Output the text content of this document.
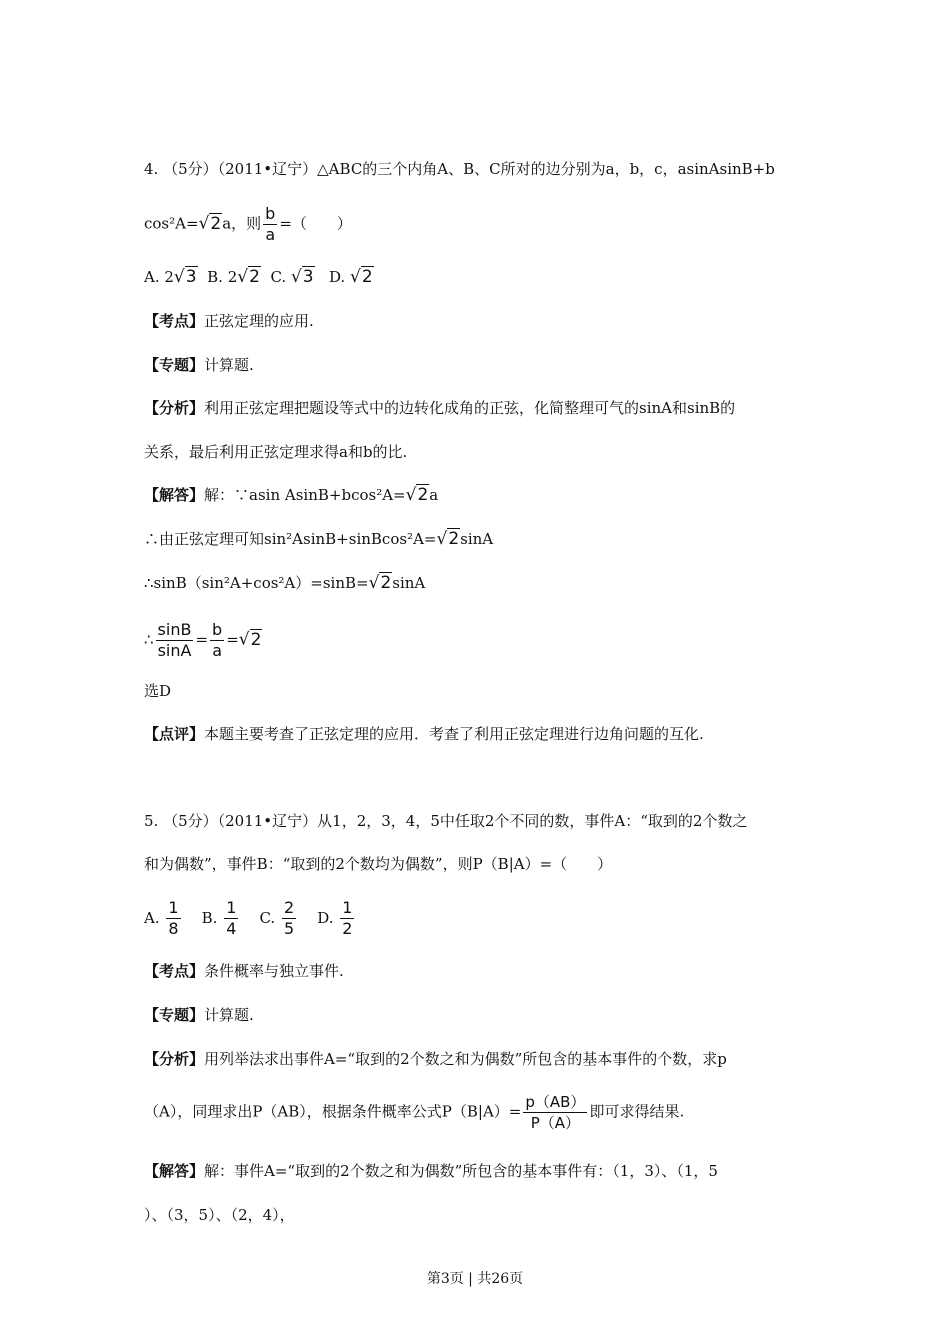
4. （5分）（2011•辽宁）△ABC的三个内角A、B、C所对的边分别为a，b，c，asinAsinB+b
cos²A=√2a，则 $\frac{b}{a}$ =（　　）
A. 2√3 B. 2√2 C. √3 D. √2
【考点】正弦定理的应用.
【专题】计算题.
【分析】利用正弦定理把题设等式中的边转化成角的正弦，化简整理可气的sinA和sinB的
关系，最后利用正弦定理求得a和b的比.
【解答】解：∵asin AsinB+bcos²A=√2a
∴由正弦定理可知sin²AsinB+sinBcos²A=√2sinA
∴sinB（sin²A+cos²A）=sinB=√2sinA
∴ $\frac{\sin B}{\sin A} = \frac{b}{a} =√2$
选D
【点评】本题主要考查了正弦定理的应用．考查了利用正弦定理进行边角问题的互化.
5. （5分）（2011•辽宁）从1，2，3，4，5中任取2个不同的数，事件A：“取到的2个数之
和为偶数”，事件B：“取到的2个数均为偶数”，则P（B|A）=（　　）
A. $\frac{1}{8} B$. $\frac{1}{4} C$. $\frac{2}{5} D$. $\frac{1}{2}$
【考点】条件概率与独立事件.
【专题】计算题.
【分析】用列举法求出事件A=“取到的2个数之和为偶数”所包含的基本事件的个数，求p
（A），同理求出P（AB），根据条件概率公式$P(B|A)= \frac{p(AB)}{P(A)}$ 即可求得结果.
【解答】解：事件A=“取到的2个数之和为偶数”所包含的基本事件有：（1，3）、（1，5
）、（3，5）、（2，4），
第3页 | 共26页
